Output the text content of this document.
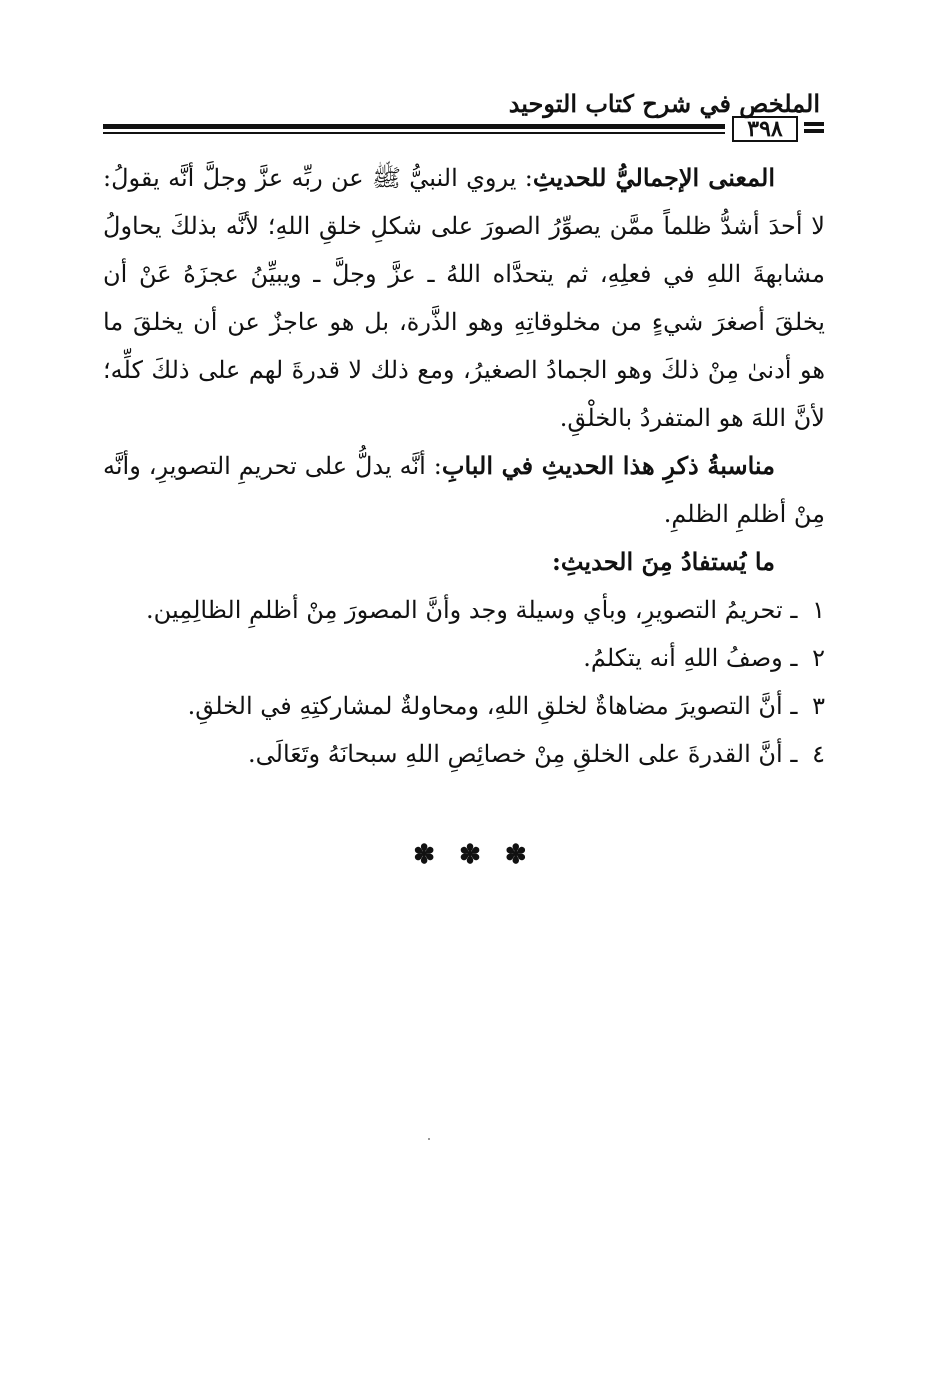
الملخص في شرح كتاب التوحيد
٣٩٨

المعنى الإجماليُّ للحديثِ: يروي النبيُّ ﷺ عن ربِّه عزَّ وجلَّ أنَّه يقولُ: لا أحدَ أشدُّ ظلماً ممَّن يصوِّرُ الصورَ على شكلِ خلقِ اللهِ؛ لأنَّه بذلكَ يحاولُ مشابهةَ اللهِ في فعلِهِ، ثم يتحدَّاه اللهُ ـ عزَّ وجلَّ ـ ويبيِّنُ عجزَهُ عَنْ أن يخلقَ أصغرَ شيءٍ من مخلوقاتِهِ وهو الذَّرة، بل هو عاجزٌ عن أن يخلقَ ما هو أدنىٰ مِنْ ذلكَ وهو الجمادُ الصغيرُ، ومع ذلك لا قدرةَ لهم على ذلكَ كلِّه؛ لأنَّ اللهَ هو المتفردُ بالخلْقِ.

مناسبةُ ذكرِ هذا الحديثِ في البابِ: أنَّه يدلُّ على تحريمِ التصويرِ، وأنَّه مِنْ أظلمِ الظلمِ.

ما يُستفادُ مِنَ الحديثِ:

١ ـ تحريمُ التصويرِ، وبأي وسيلة وجد وأنَّ المصورَ مِنْ أظلمِ الظالِمِين.
٢ ـ وصفُ اللهِ أنه يتكلمُ.
٣ ـ أنَّ التصويرَ مضاهاةٌ لخلقِ اللهِ، ومحاولةٌ لمشاركتِهِ في الخلقِ.
٤ ـ أنَّ القدرةَ على الخلقِ مِنْ خصائِصِ اللهِ سبحانَهُ وتَعَالَى.
✽✽✽
